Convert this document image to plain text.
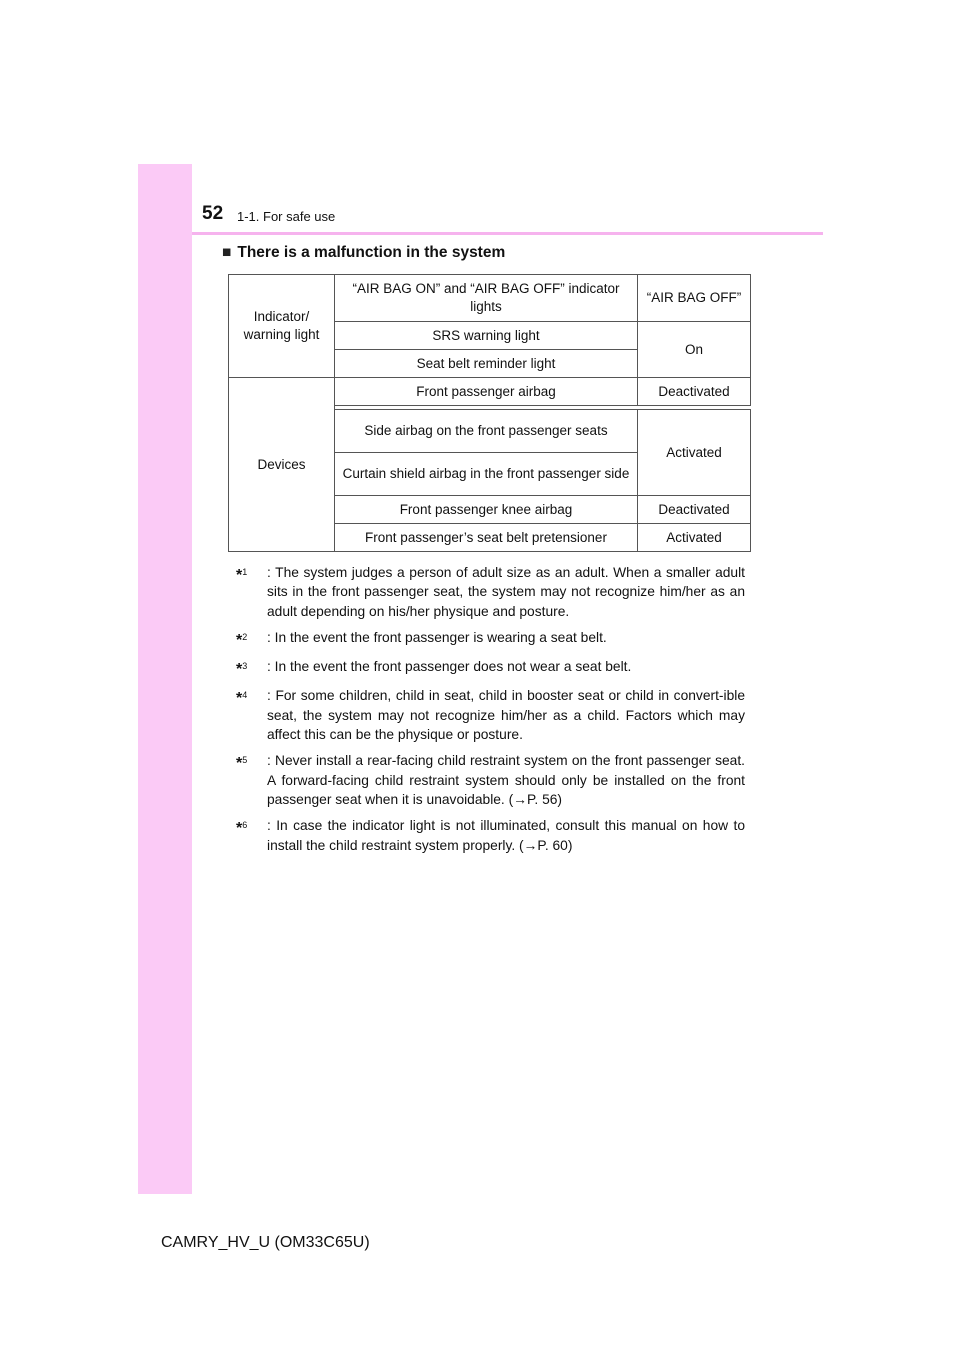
52 1-1. For safe use
■ There is a malfunction in the system
Indicator/ warning light	“AIR BAG ON” and “AIR BAG OFF” indicator lights	“AIR BAG OFF”
	SRS warning light	On
	Seat belt reminder light	
Devices	Front passenger airbag	Deactivated

	Side airbag on the front passenger seats	Activated
	Curtain shield airbag in the front passenger side	
	Front passenger knee airbag	Deactivated
	Front passenger’s seat belt pretensioner	Activated
*$^1$	: The system judges a person of adult size as an adult. When a smaller adult sits in the front passenger seat, the system may not recognize him/her as an adult depending on his/her physique and posture.
*$^2$	: In the event the front passenger is wearing a seat belt.
*$^3$	: In the event the front passenger does not wear a seat belt.
*$^4$	: For some children, child in seat, child in booster seat or child in convert-ible seat, the system may not recognize him/her as a child. Factors which may affect this can be the physique or posture.
*$^5$	: Never install a rear-facing child restraint system on the front passenger seat. A forward-facing child restraint system should only be installed on the front passenger seat when it is unavoidable. (→P. 56)
*$^6$	: In case the indicator light is not illuminated, consult this manual on how to install the child restraint system properly. (→P. 60)
CAMRY_HV_U (OM33C65U)
